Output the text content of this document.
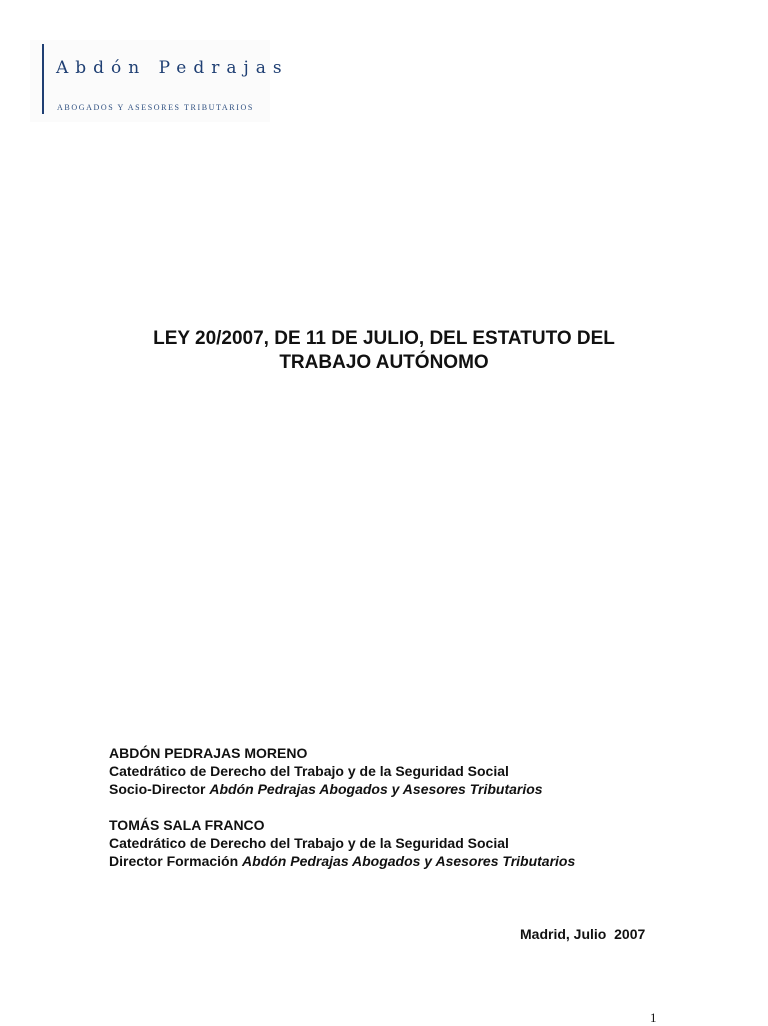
Abdón Pedrajas
ABOGADOS Y ASESORES TRIBUTARIOS
LEY 20/2007, DE 11 DE JULIO, DEL ESTATUTO DEL
TRABAJO AUTÓNOMO
ABDÓN PEDRAJAS MORENO
Catedrático de Derecho del Trabajo y de la Seguridad Social
Socio-Director Abdón Pedrajas Abogados y Asesores Tributarios
TOMÁS SALA FRANCO
Catedrático de Derecho del Trabajo y de la Seguridad Social
Director Formación Abdón Pedrajas Abogados y Asesores Tributarios
Madrid, Julio  2007
1
